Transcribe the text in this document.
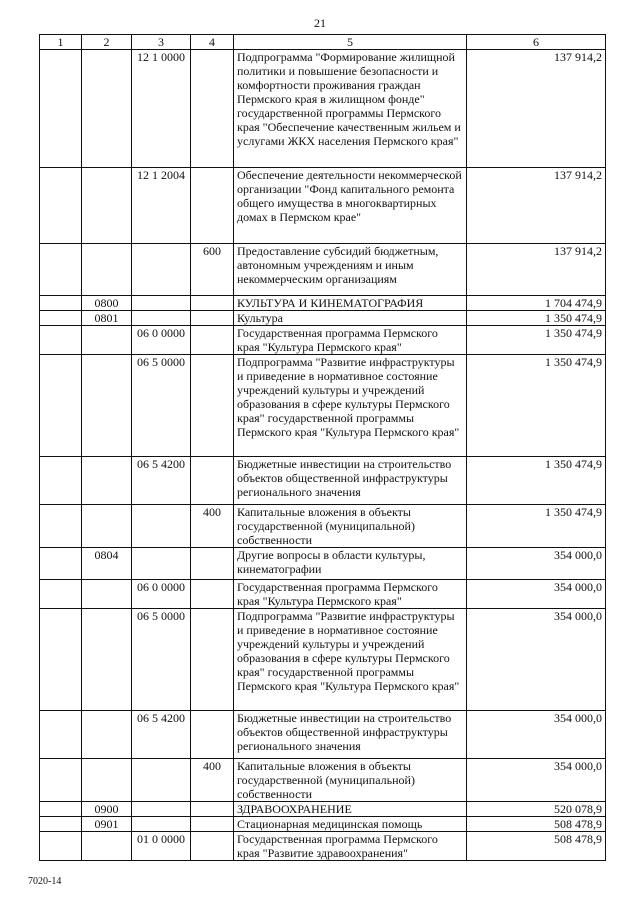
21
1	2	3	4	5	6
		12 1 0000		Подпрограмма "Формирование жилищной политики и повышение безопасности и комфортности проживания граждан Пермского края в жилищном фонде" государственной программы Пермского края "Обеспечение качественным жильем и услугами ЖКХ населения Пермского края"	137 914,2
		12 1 2004		Обеспечение деятельности некоммерческой организации "Фонд капитального ремонта общего имущества в многоквартирных домах в Пермском крае"	137 914,2
			600	Предоставление субсидий бюджетным, автономным учреждениям и иным некоммерческим организациям	137 914,2
	0800			КУЛЬТУРА И КИНЕМАТОГРАФИЯ	1 704 474,9
	0801			Культура	1 350 474,9
		06 0 0000		Государственная программа Пермского края "Культура Пермского края"	1 350 474,9
		06 5 0000		Подпрограмма "Развитие инфраструктуры и приведение в нормативное состояние учреждений культуры и учреждений образования в сфере культуры Пермского края" государственной программы Пермского края "Культура Пермского края"	1 350 474,9
		06 5 4200		Бюджетные инвестиции на строительство объектов общественной инфраструктуры регионального значения	1 350 474,9
			400	Капитальные вложения в объекты государственной (муниципальной) собственности	1 350 474,9
	0804			Другие вопросы в области культуры, кинематографии	354 000,0
		06 0 0000		Государственная программа Пермского края "Культура Пермского края"	354 000,0
		06 5 0000		Подпрограмма "Развитие инфраструктуры и приведение в нормативное состояние учреждений культуры и учреждений образования в сфере культуры Пермского края" государственной программы Пермского края "Культура Пермского края"	354 000,0
		06 5 4200		Бюджетные инвестиции на строительство объектов общественной инфраструктуры регионального значения	354 000,0
			400	Капитальные вложения в объекты государственной (муниципальной) собственности	354 000,0
	0900			ЗДРАВООХРАНЕНИЕ	520 078,9
	0901			Стационарная медицинская помощь	508 478,9
		01 0 0000		Государственная программа Пермского края "Развитие здравоохранения"	508 478,9
7020-14
